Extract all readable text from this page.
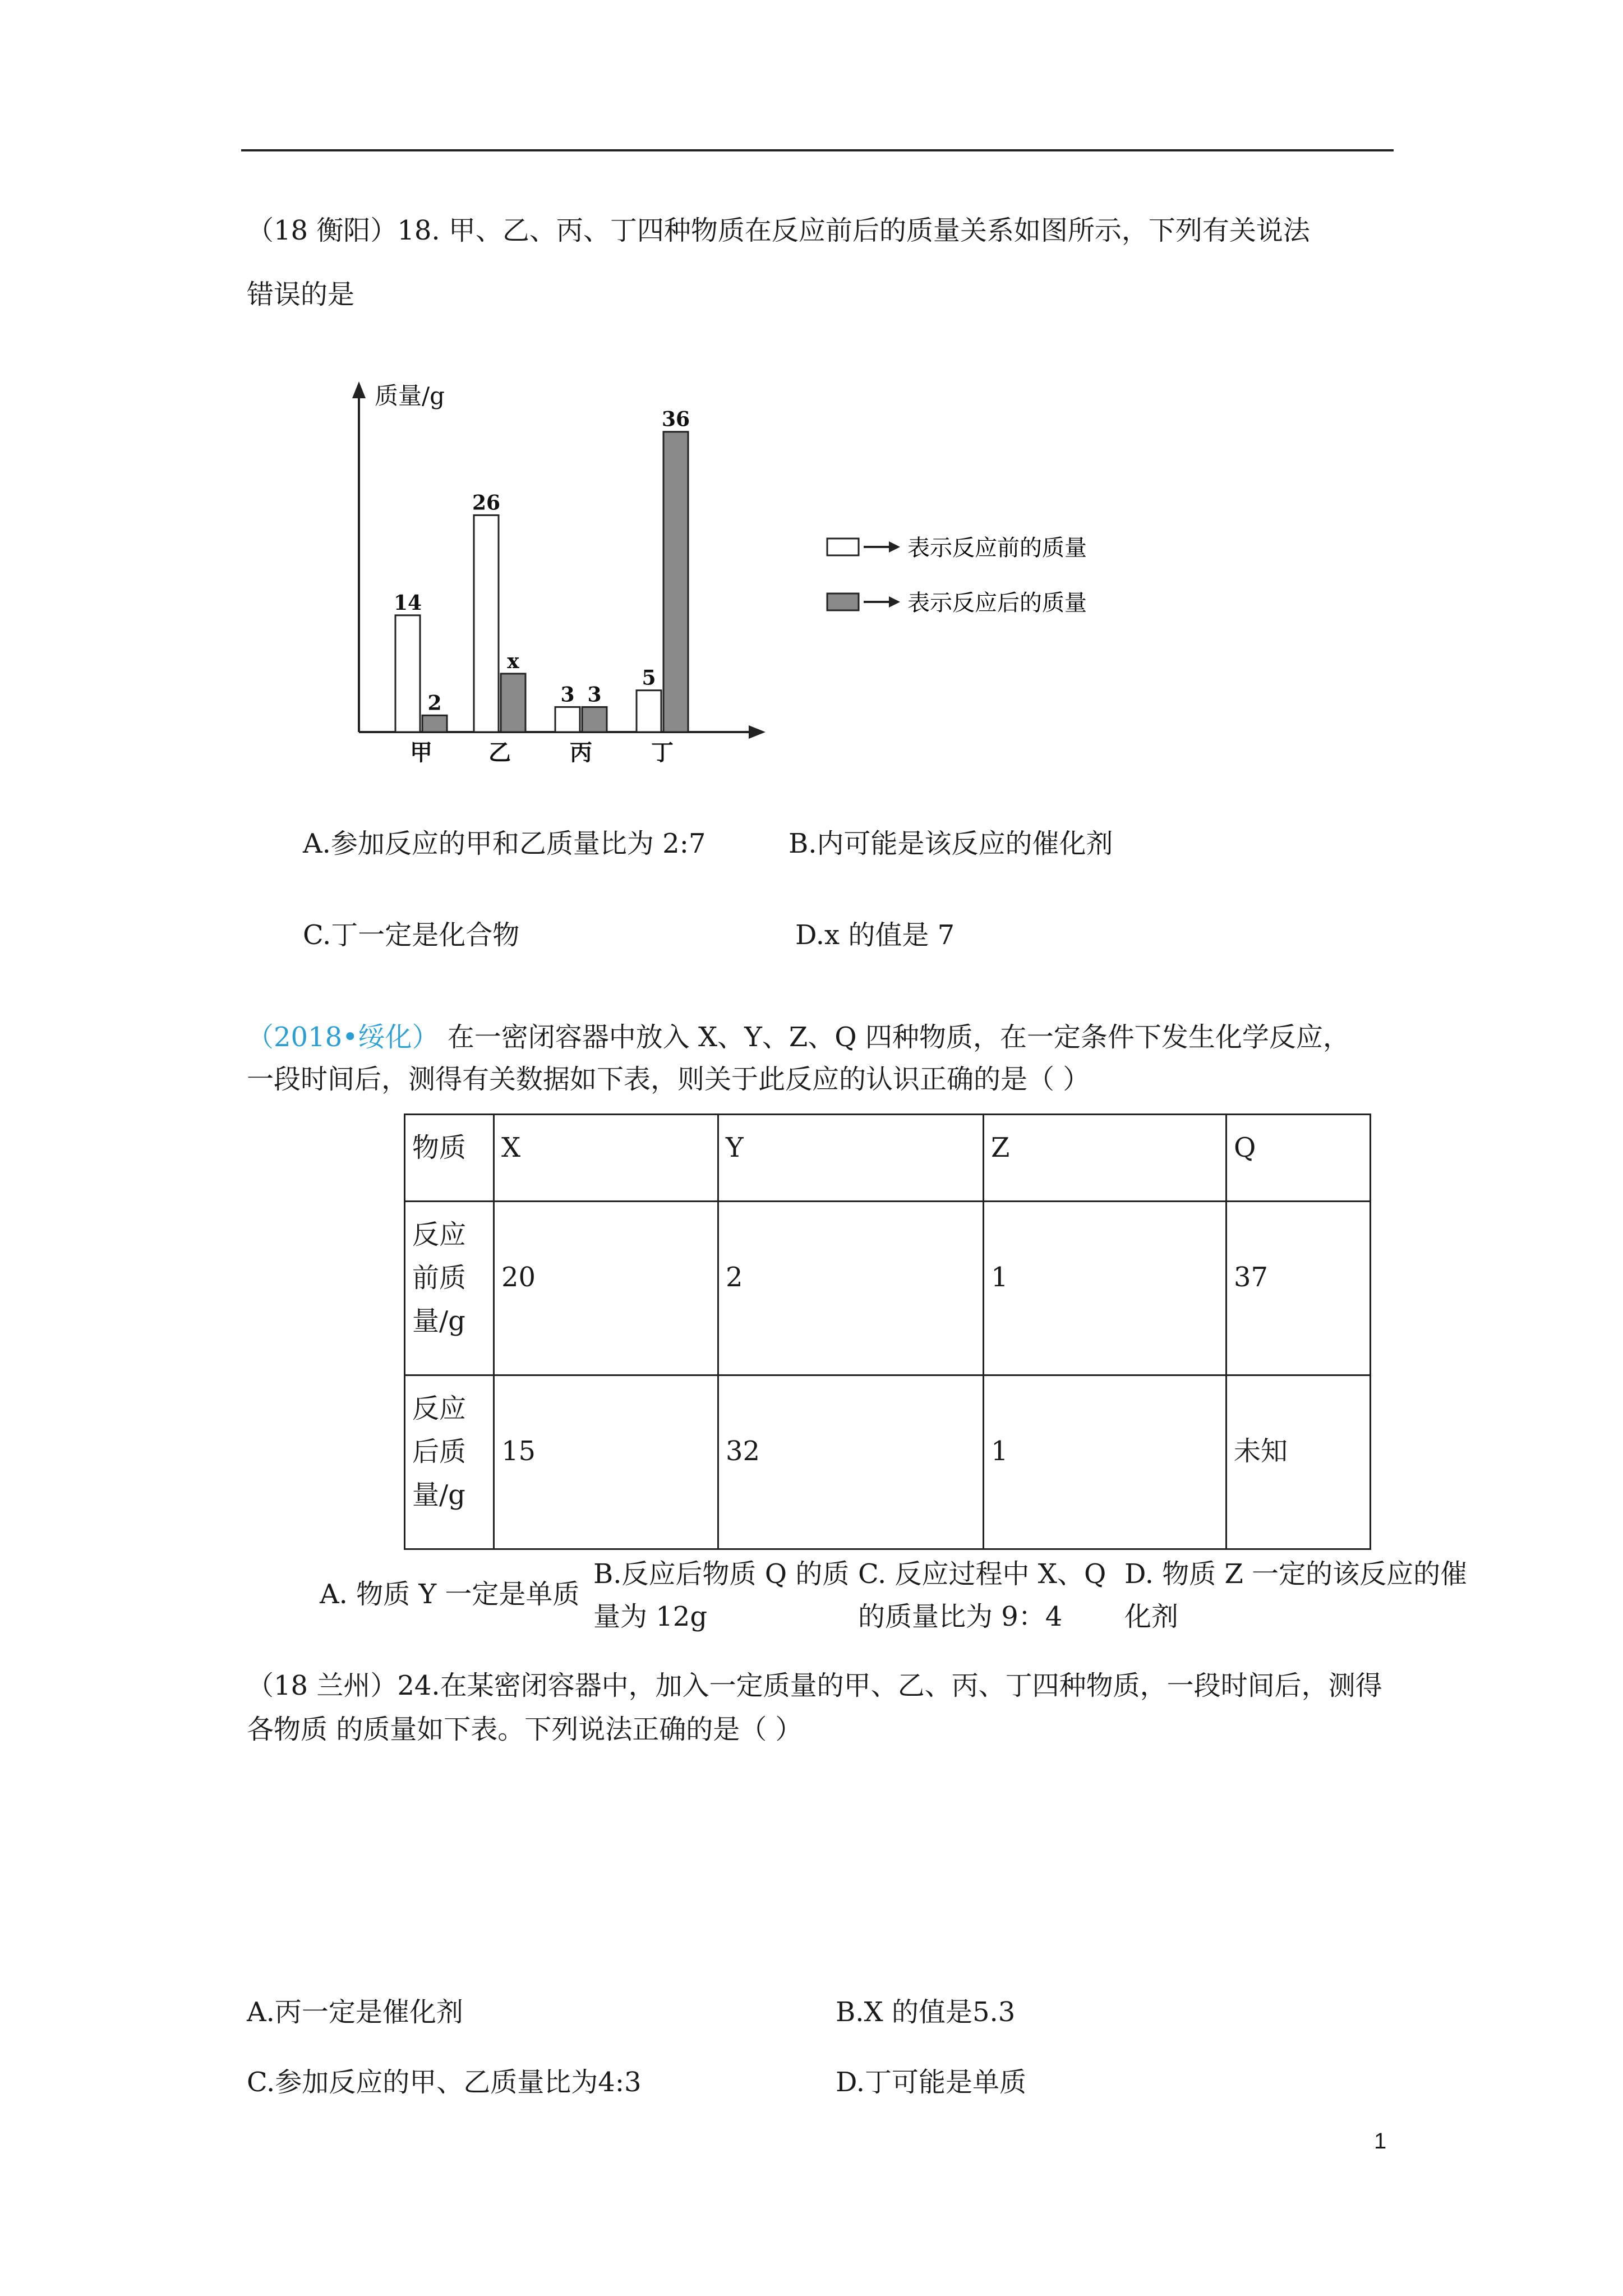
（18 衡阳）18. 甲、乙、丙、丁四种物质在反应前后的质量关系如图所示，下列有关说法
错误的是
质量/g
14
2
甲
26
x
乙
3 3
丙
5
36
丁
表示反应前的质量
表示反应后的质量
A.参加反应的甲和乙质量比为 2:7	B.内可能是该反应的催化剂
C.丁一定是化合物	D.x 的值是 7
（2018•绥化） 在一密闭容器中放入 X、Y、Z、Q 四种物质，在一定条件下发生化学反应，
一段时间后，测得有关数据如下表，则关于此反应的认识正确的是（ ）
物质	X	Y	Z	Q

反应
前质
量/g	20	2	1	37

反应
后质
量/g	15	32	1	未知
A. 物质 Y 一定是单质
B.反应后物质 Q 的质
量为 12g
C. 反应过程中 X、Q
的质量比为 9：4
D. 物质 Z 一定的该反应的催
化剂
（18 兰州）24.在某密闭容器中，加入一定质量的甲、乙、丙、丁四种物质，一段时间后，测得
各物质 的质量如下表。下列说法正确的是（ ）
A.丙一定是催化剂	B.X 的值是5.3
C.参加反应的甲、乙质量比为4:3	D.丁可能是单质
1
